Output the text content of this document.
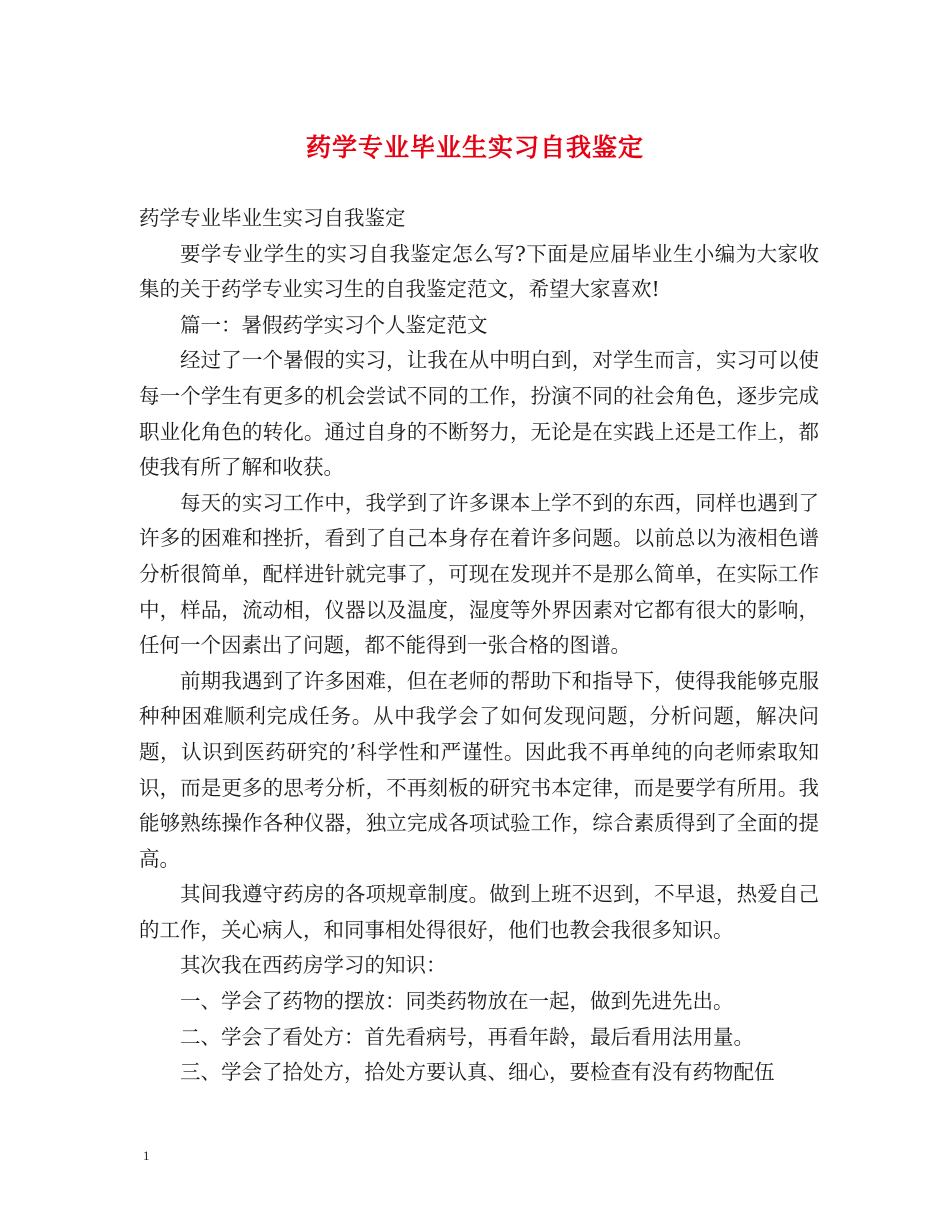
药学专业毕业生实习自我鉴定

药学专业毕业生实习自我鉴定

要学专业学生的实习自我鉴定怎么写?下面是应届毕业生小编为大家收集的关于药学专业实习生的自我鉴定范文，希望大家喜欢!

篇一：暑假药学实习个人鉴定范文

经过了一个暑假的实习，让我在从中明白到，对学生而言，实习可以使每一个学生有更多的机会尝试不同的工作，扮演不同的社会角色，逐步完成职业化角色的转化。通过自身的不断努力，无论是在实践上还是工作上，都使我有所了解和收获。

每天的实习工作中，我学到了许多课本上学不到的东西，同样也遇到了许多的困难和挫折，看到了自己本身存在着许多问题。以前总以为液相色谱分析很简单，配样进针就完事了，可现在发现并不是那么简单，在实际工作中，样品，流动相，仪器以及温度，湿度等外界因素对它都有很大的影响，任何一个因素出了问题，都不能得到一张合格的图谱。

前期我遇到了许多困难，但在老师的帮助下和指导下，使得我能够克服种种困难顺利完成任务。从中我学会了如何发现问题，分析问题，解决问题，认识到医药研究的’科学性和严谨性。因此我不再单纯的向老师索取知识，而是更多的思考分析，不再刻板的研究书本定律，而是要学有所用。我能够熟练操作各种仪器，独立完成各项试验工作，综合素质得到了全面的提高。

其间我遵守药房的各项规章制度。做到上班不迟到，不早退，热爱自己的工作，关心病人，和同事相处得很好，他们也教会我很多知识。

其次我在西药房学习的知识：

一、学会了药物的摆放：同类药物放在一起，做到先进先出。

二、学会了看处方：首先看病号，再看年龄，最后看用法用量。

三、学会了拾处方，拾处方要认真、细心，要检查有没有药物配伍

1
